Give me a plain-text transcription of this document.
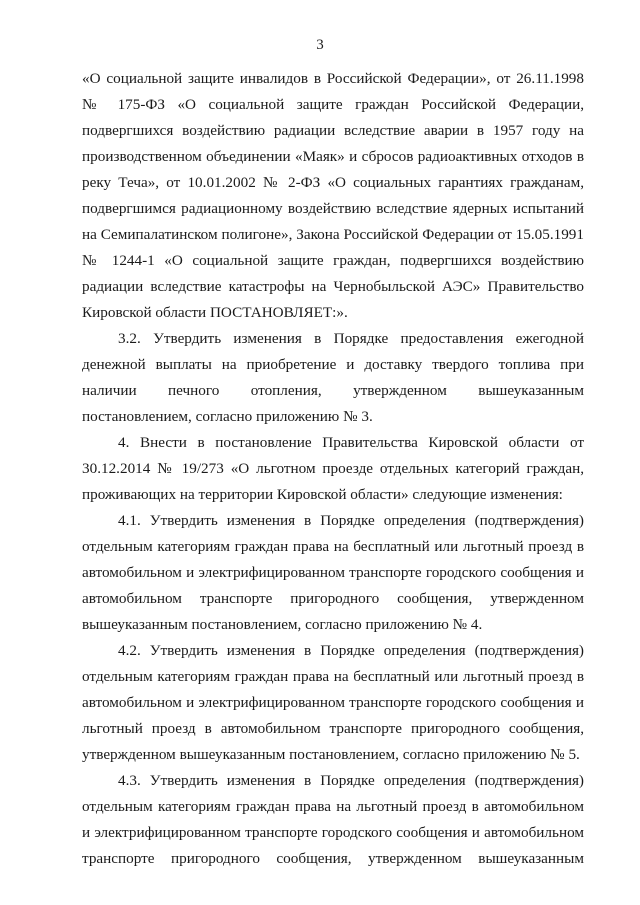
3

«О социальной защите инвалидов в Российской Федерации», от 26.11.1998 № 175-ФЗ «О социальной защите граждан Российской Федерации, подвергшихся воздействию радиации вследствие аварии в 1957 году на производственном объединении «Маяк» и сбросов радиоактивных отходов в реку Теча», от 10.01.2002 № 2-ФЗ «О социальных гарантиях гражданам, подвергшимся радиационному воздействию вследствие ядерных испытаний на Семипалатинском полигоне», Закона Российской Федерации от 15.05.1991 № 1244-1 «О социальной защите граждан, подвергшихся воздействию радиации вследствие катастрофы на Чернобыльской АЭС» Правительство Кировской области ПОСТАНОВЛЯЕТ:».

3.2. Утвердить изменения в Порядке предоставления ежегодной денежной выплаты на приобретение и доставку твердого топлива при наличии печного отопления, утвержденном вышеуказанным постановлением, согласно приложению № 3.

4. Внести в постановление Правительства Кировской области от 30.12.2014 № 19/273 «О льготном проезде отдельных категорий граждан, проживающих на территории Кировской области» следующие изменения:

4.1. Утвердить изменения в Порядке определения (подтверждения) отдельным категориям граждан права на бесплатный или льготный проезд в автомобильном и электрифицированном транспорте городского сообщения и автомобильном транспорте пригородного сообщения, утвержденном вышеуказанным постановлением, согласно приложению № 4.

4.2. Утвердить изменения в Порядке определения (подтверждения) отдельным категориям граждан права на бесплатный или льготный проезд в автомобильном и электрифицированном транспорте городского сообщения и льготный проезд в автомобильном транспорте пригородного сообщения, утвержденном вышеуказанным постановлением, согласно приложению № 5.

4.3. Утвердить изменения в Порядке определения (подтверждения) отдельным категориям граждан права на льготный проезд в автомобильном и электрифицированном транспорте городского сообщения и автомобильном транспорте пригородного сообщения, утвержденном вышеуказанным
